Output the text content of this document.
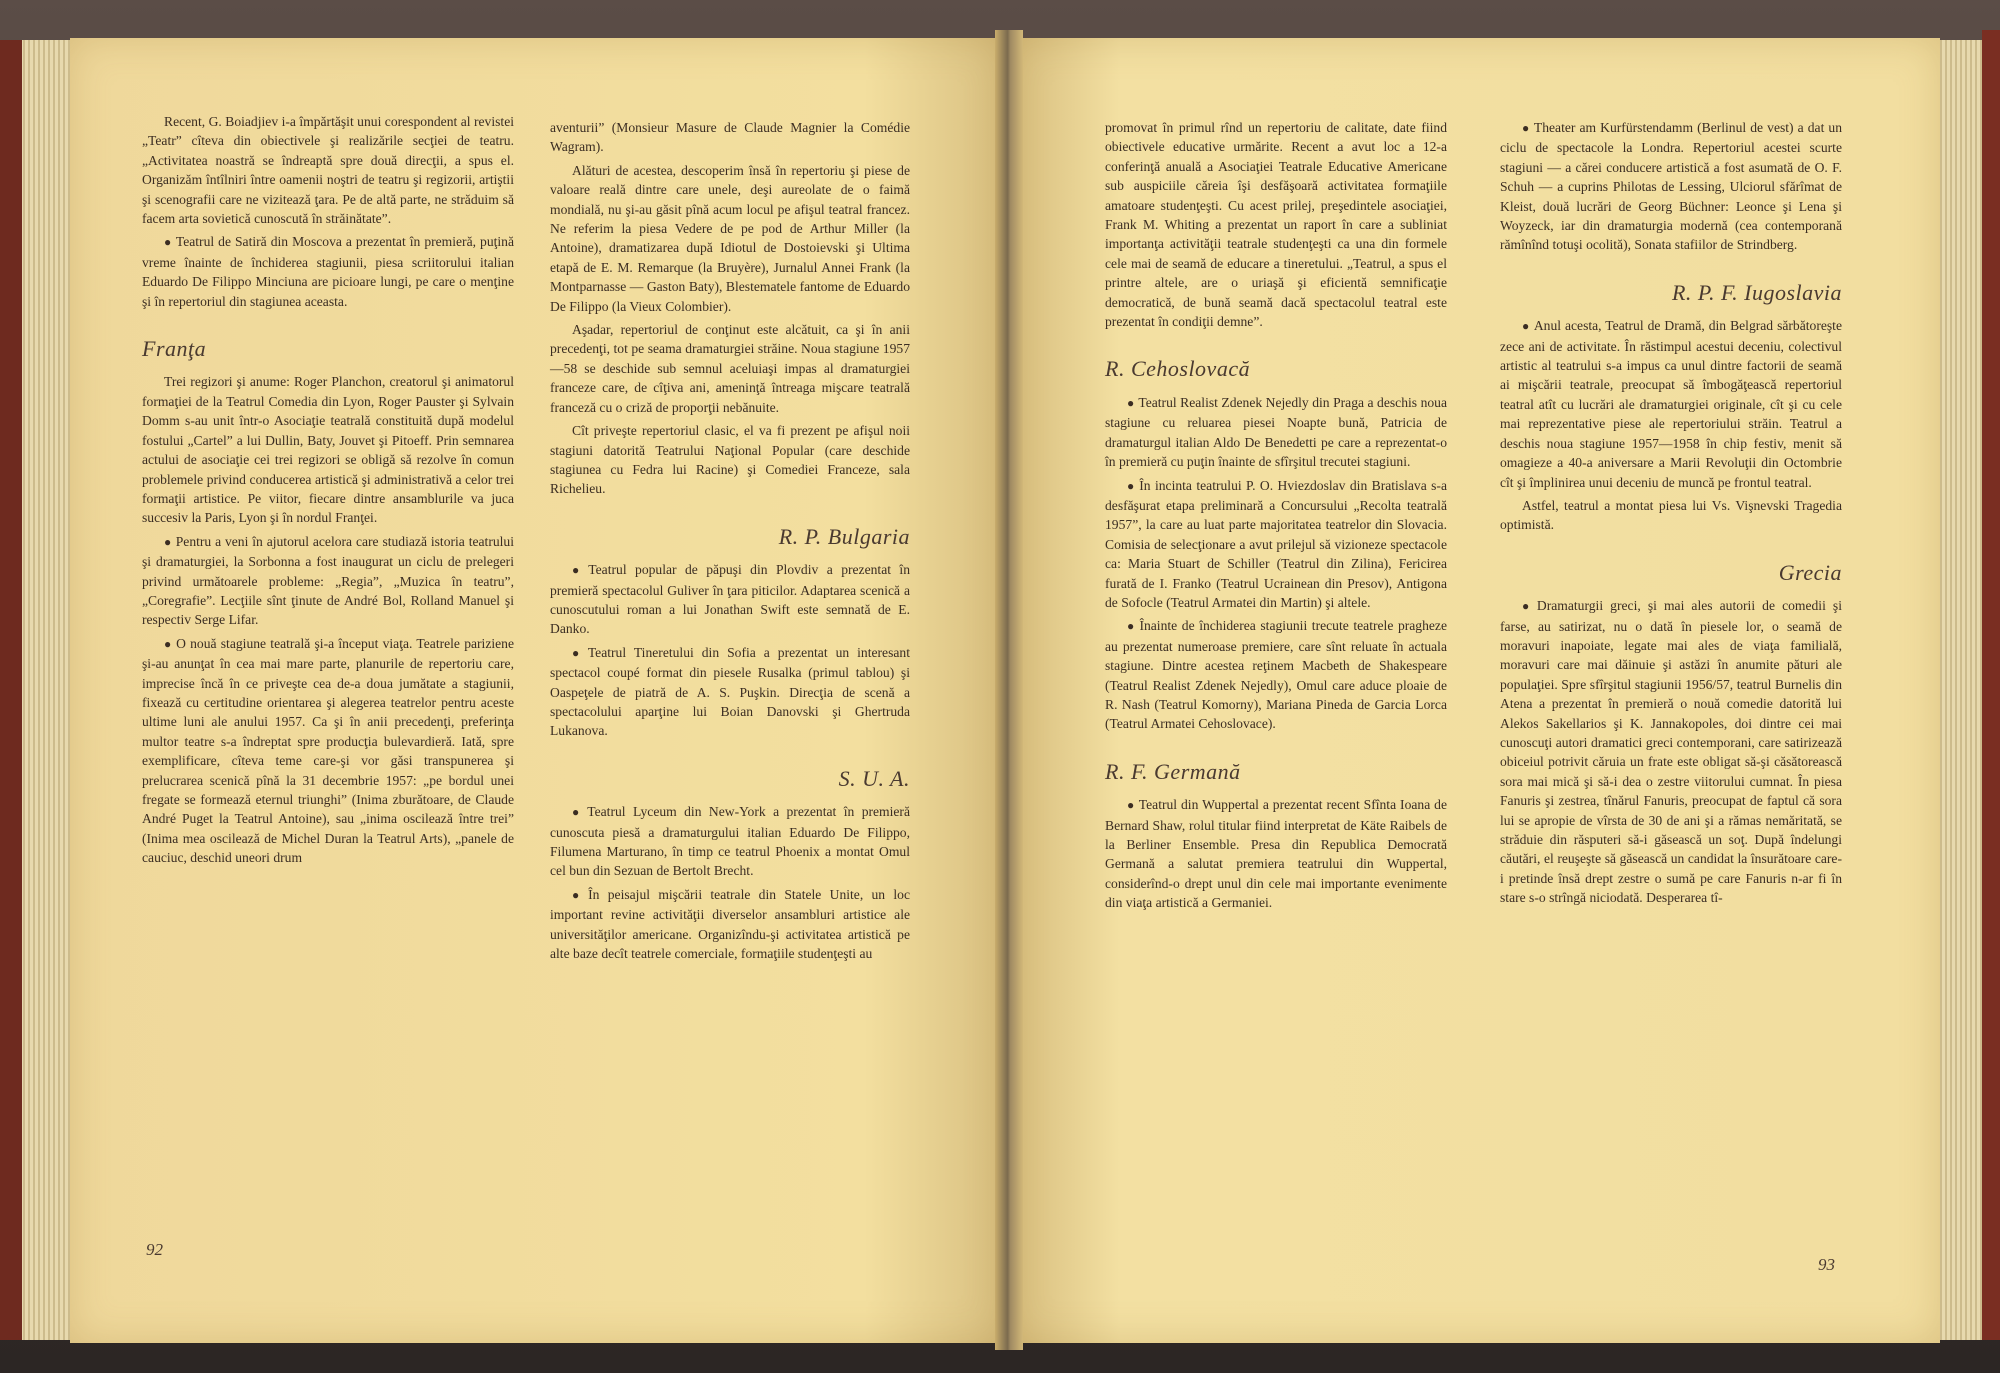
Recent, G. Boiadjiev i-a împărtăşit unui corespondent al revistei „Teatr” cîteva din obiectivele şi realizările secţiei de teatru. „Activitatea noastră se îndreaptă spre două direcţii, a spus el. Organizăm întîlniri între oamenii noştri de teatru şi regizorii, artiştii şi scenografii care ne vizitează ţara. Pe de altă parte, ne străduim să facem arta sovietică cunoscută în străinătate”.

● Teatrul de Satiră din Moscova a prezentat în premieră, puţină vreme înainte de închiderea stagiunii, piesa scriitorului italian Eduardo De Filippo Minciuna are picioare lungi, pe care o menţine şi în repertoriul din stagiunea aceasta.

Franţa

Trei regizori şi anume: Roger Planchon, creatorul şi animatorul formaţiei de la Teatrul Comedia din Lyon, Roger Pauster şi Sylvain Domm s-au unit într-o Asociaţie teatrală constituită după modelul fostului „Cartel” a lui Dullin, Baty, Jouvet şi Pitoeff. Prin semnarea actului de asociaţie cei trei regizori se obligă să rezolve în comun problemele privind conducerea artistică şi administrativă a celor trei formaţii artistice. Pe viitor, fiecare dintre ansamblurile va juca succesiv la Paris, Lyon şi în nordul Franţei.

● Pentru a veni în ajutorul acelora care studiază istoria teatrului şi dramaturgiei, la Sorbonna a fost inaugurat un ciclu de prelegeri privind următoarele probleme: „Regia”, „Muzica în teatru”, „Coregrafie”. Lecţiile sînt ţinute de André Bol, Rolland Manuel şi respectiv Serge Lifar.

● O nouă stagiune teatrală şi-a început viaţa. Teatrele pariziene şi-au anunţat în cea mai mare parte, planurile de repertoriu care, imprecise încă în ce priveşte cea de-a doua jumătate a stagiunii, fixează cu certitudine orientarea şi alegerea teatrelor pentru aceste ultime luni ale anului 1957. Ca şi în anii precedenţi, preferinţa multor teatre s-a îndreptat spre producţia bulevardieră. Iată, spre exemplificare, cîteva teme care-şi vor găsi transpunerea şi prelucrarea scenică pînă la 31 decembrie 1957: „pe bordul unei fregate se formează eternul triunghi” (Inima zburătoare, de Claude André Puget la Teatrul Antoine), sau „inima oscilează între trei” (Inima mea oscilează de Michel Duran la Teatrul Arts), „panele de cauciuc, deschid uneori drum

aventurii” (Monsieur Masure de Claude Magnier la Comédie Wagram).

Alături de acestea, descoperim însă în repertoriu şi piese de valoare reală dintre care unele, deşi aureolate de o faimă mondială, nu şi-au găsit pînă acum locul pe afişul teatral francez. Ne referim la piesa Vedere de pe pod de Arthur Miller (la Antoine), dramatizarea după Idiotul de Dostoievski şi Ultima etapă de E. M. Remarque (la Bruyère), Jurnalul Annei Frank (la Montparnasse — Gaston Baty), Blestematele fantome de Eduardo De Filippo (la Vieux Colombier).

Aşadar, repertoriul de conţinut este alcătuit, ca şi în anii precedenţi, tot pe seama dramaturgiei străine. Noua stagiune 1957—58 se deschide sub semnul aceluiaşi impas al dramaturgiei franceze care, de cîţiva ani, ameninţă întreaga mişcare teatrală franceză cu o criză de proporţii nebănuite.

Cît priveşte repertoriul clasic, el va fi prezent pe afişul noii stagiuni datorită Teatrului Naţional Popular (care deschide stagiunea cu Fedra lui Racine) şi Comediei Franceze, sala Richelieu.

R. P. Bulgaria

● Teatrul popular de păpuşi din Plovdiv a prezentat în premieră spectacolul Guliver în ţara piticilor. Adaptarea scenică a cunoscutului roman a lui Jonathan Swift este semnată de E. Danko.

● Teatrul Tineretului din Sofia a prezentat un interesant spectacol coupé format din piesele Rusalka (primul tablou) şi Oaspeţele de piatră de A. S. Puşkin. Direcţia de scenă a spectacolului aparţine lui Boian Danovski şi Ghertruda Lukanova.

S. U. A.

● Teatrul Lyceum din New-York a prezentat în premieră cunoscuta piesă a dramaturgului italian Eduardo De Filippo, Filumena Marturano, în timp ce teatrul Phoenix a montat Omul cel bun din Sezuan de Bertolt Brecht.

● În peisajul mişcării teatrale din Statele Unite, un loc important revine activităţii diverselor ansambluri artistice ale universităţilor americane. Organizîndu-şi activitatea artistică pe alte baze decît teatrele comerciale, formaţiile studenţeşti au

92

promovat în primul rînd un repertoriu de calitate, date fiind obiectivele educative urmărite. Recent a avut loc a 12-a conferinţă anuală a Asociaţiei Teatrale Educative Americane sub auspiciile căreia îşi desfăşoară activitatea formaţiile amatoare studenţeşti. Cu acest prilej, preşedintele asociaţiei, Frank M. Whiting a prezentat un raport în care a subliniat importanţa activităţii teatrale studenţeşti ca una din formele cele mai de seamă de educare a tineretului. „Teatrul, a spus el printre altele, are o uriaşă şi eficientă semnificaţie democratică, de bună seamă dacă spectacolul teatral este prezentat în condiţii demne”.

R. Cehoslovacă

● Teatrul Realist Zdenek Nejedly din Praga a deschis noua stagiune cu reluarea piesei Noapte bună, Patricia de dramaturgul italian Aldo De Benedetti pe care a reprezentat-o în premieră cu puţin înainte de sfîrşitul trecutei stagiuni.

● În incinta teatrului P. O. Hviezdoslav din Bratislava s-a desfăşurat etapa preliminară a Concursului „Recolta teatrală 1957”, la care au luat parte majoritatea teatrelor din Slovacia. Comisia de selecţionare a avut prilejul să vizioneze spectacole ca: Maria Stuart de Schiller (Teatrul din Zilina), Fericirea furată de I. Franko (Teatrul Ucrainean din Presov), Antigona de Sofocle (Teatrul Armatei din Martin) şi altele.

● Înainte de închiderea stagiunii trecute teatrele pragheze au prezentat numeroase premiere, care sînt reluate în actuala stagiune. Dintre acestea reţinem Macbeth de Shakespeare (Teatrul Realist Zdenek Nejedly), Omul care aduce ploaie de R. Nash (Teatrul Komorny), Mariana Pineda de Garcia Lorca (Teatrul Armatei Cehoslovace).

R. F. Germană

● Teatrul din Wuppertal a prezentat recent Sfînta Ioana de Bernard Shaw, rolul titular fiind interpretat de Käte Raibels de la Berliner Ensemble. Presa din Republica Democrată Germană a salutat premiera teatrului din Wuppertal, considerînd-o drept unul din cele mai importante evenimente din viaţa artistică a Germaniei.

● Theater am Kurfürstendamm (Berlinul de vest) a dat un ciclu de spectacole la Londra. Repertoriul acestei scurte stagiuni — a cărei conducere artistică a fost asumată de O. F. Schuh — a cuprins Philotas de Lessing, Ulciorul sfărîmat de Kleist, două lucrări de Georg Büchner: Leonce şi Lena şi Woyzeck, iar din dramaturgia modernă (cea contemporană rămînînd totuşi ocolită), Sonata stafiilor de Strindberg.

R. P. F. Iugoslavia

● Anul acesta, Teatrul de Dramă, din Belgrad sărbătoreşte zece ani de activitate. În răstimpul acestui deceniu, colectivul artistic al teatrului s-a impus ca unul dintre factorii de seamă ai mişcării teatrale, preocupat să îmbogăţească repertoriul teatral atît cu lucrări ale dramaturgiei originale, cît şi cu cele mai reprezentative piese ale repertoriului străin. Teatrul a deschis noua stagiune 1957—1958 în chip festiv, menit să omagieze a 40-a aniversare a Marii Revoluţii din Octombrie cît şi împlinirea unui deceniu de muncă pe frontul teatral.

Astfel, teatrul a montat piesa lui Vs. Vişnevski Tragedia optimistă.

Grecia

● Dramaturgii greci, şi mai ales autorii de comedii şi farse, au satirizat, nu o dată în piesele lor, o seamă de moravuri inapoiate, legate mai ales de viaţa familială, moravuri care mai dăinuie şi astăzi în anumite pături ale populaţiei. Spre sfîrşitul stagiunii 1956/57, teatrul Burnelis din Atena a prezentat în premieră o nouă comedie datorită lui Alekos Sakellarios şi K. Jannakopoles, doi dintre cei mai cunoscuţi autori dramatici greci contemporani, care satirizează obiceiul potrivit căruia un frate este obligat să-şi căsătorească sora mai mică şi să-i dea o zestre viitorului cumnat. În piesa Fanuris şi zestrea, tînărul Fanuris, preocupat de faptul că sora lui se apropie de vîrsta de 30 de ani şi a rămas nemăritată, se străduie din răsputeri să-i găsească un soţ. După îndelungi căutări, el reuşeşte să găsească un candidat la însurătoare care-i pretinde însă drept zestre o sumă pe care Fanuris n-ar fi în stare s-o strîngă niciodată. Desperarea tî-

93
